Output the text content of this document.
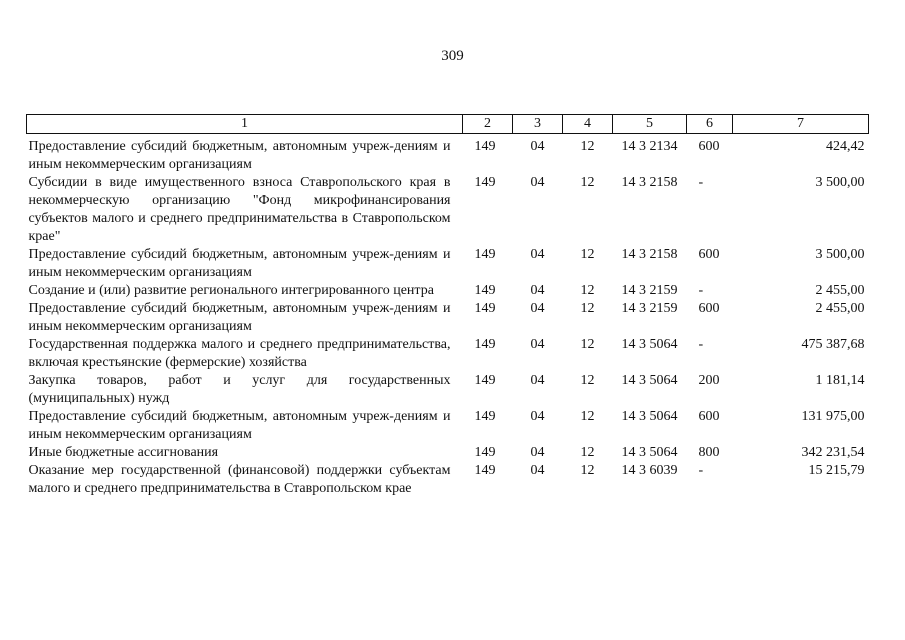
309
1	2	3	4	5	6	7
Предоставление субсидий бюджетным, автономным учреж-дениям и иным некоммерческим организациям	149	04	12	14 3 2134	600	424,42
Субсидии в виде имущественного взноса Ставропольского края в некоммерческую организацию "Фонд микрофинансирования субъектов малого и среднего предпринимательства в Ставропольском крае"	149	04	12	14 3 2158	-	3 500,00
Предоставление субсидий бюджетным, автономным учреж-дениям и иным некоммерческим организациям	149	04	12	14 3 2158	600	3 500,00
Создание и (или) развитие регионального интегрированного центра	149	04	12	14 3 2159	-	2 455,00
Предоставление субсидий бюджетным, автономным учреж-дениям и иным некоммерческим организациям	149	04	12	14 3 2159	600	2 455,00
Государственная поддержка малого и среднего предпринимательства, включая крестьянские (фермерские) хозяйства	149	04	12	14 3 5064	-	475 387,68
Закупка товаров, работ и услуг для государственных (муниципальных) нужд	149	04	12	14 3 5064	200	1 181,14
Предоставление субсидий бюджетным, автономным учреж-дениям и иным некоммерческим организациям	149	04	12	14 3 5064	600	131 975,00
Иные бюджетные ассигнования	149	04	12	14 3 5064	800	342 231,54
Оказание мер государственной (финансовой) поддержки субъектам малого и среднего предпринимательства в Ставропольском крае	149	04	12	14 3 6039	-	15 215,79
